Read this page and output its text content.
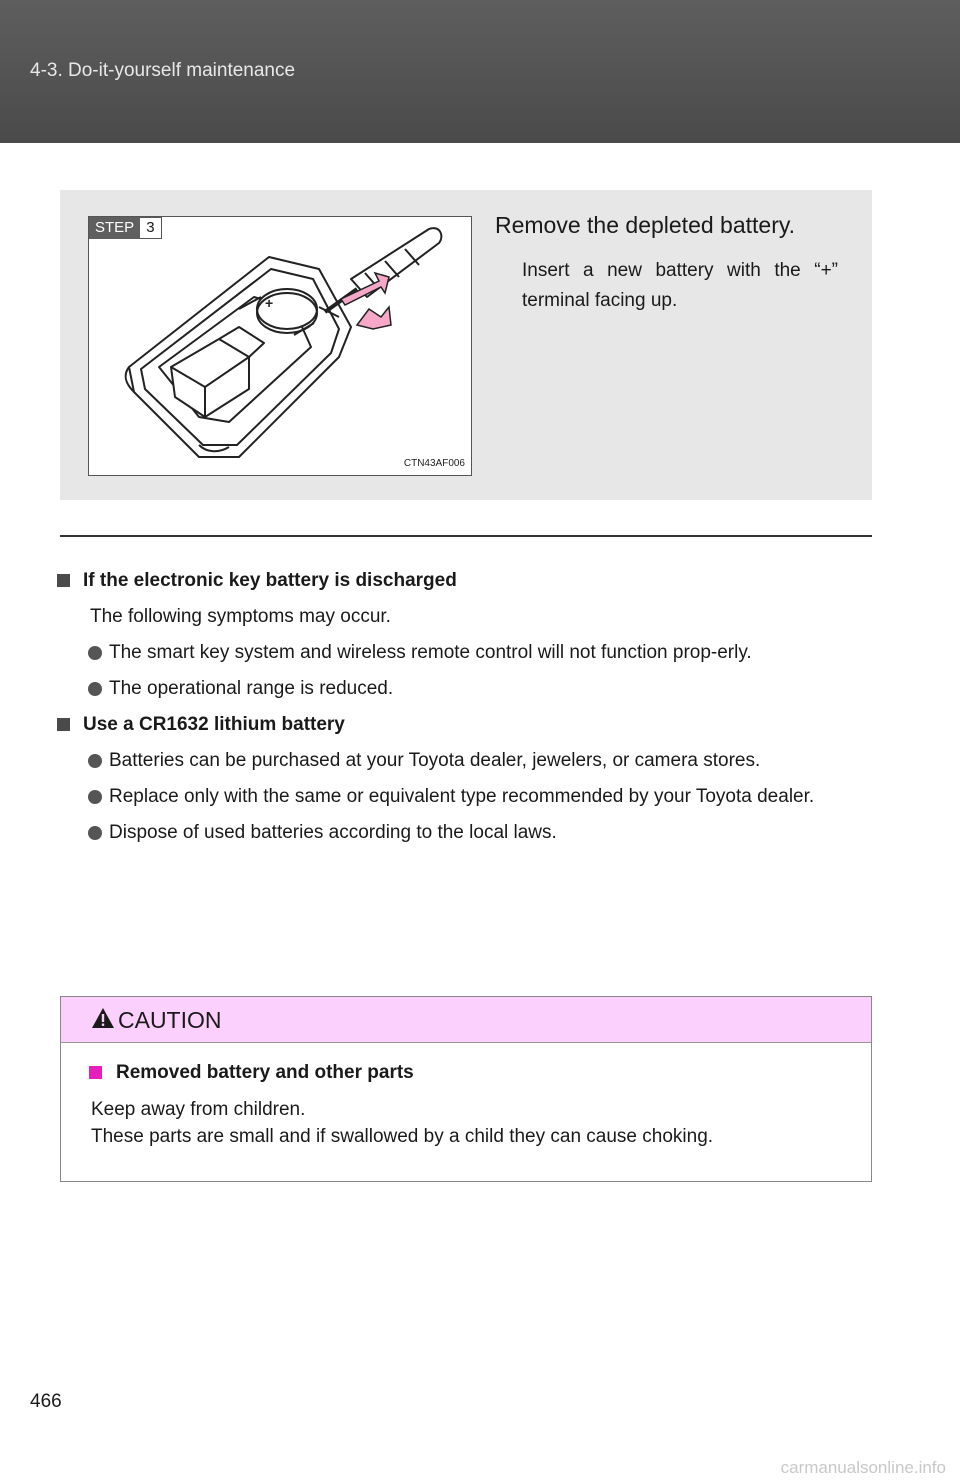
4-3. Do-it-yourself maintenance
STEP 3
+
CTN43AF006
Remove the depleted battery.
Insert a new battery with the “+” terminal facing up.
If the electronic key battery is discharged
The following symptoms may occur.
The smart key system and wireless remote control will not function prop-erly.
The operational range is reduced.
Use a CR1632 lithium battery
Batteries can be purchased at your Toyota dealer, jewelers, or camera stores.
Replace only with the same or equivalent type recommended by your Toyota dealer.
Dispose of used batteries according to the local laws.
CAUTION
Removed battery and other parts
Keep away from children.
These parts are small and if swallowed by a child they can cause choking.
466
carmanualsonline.info
